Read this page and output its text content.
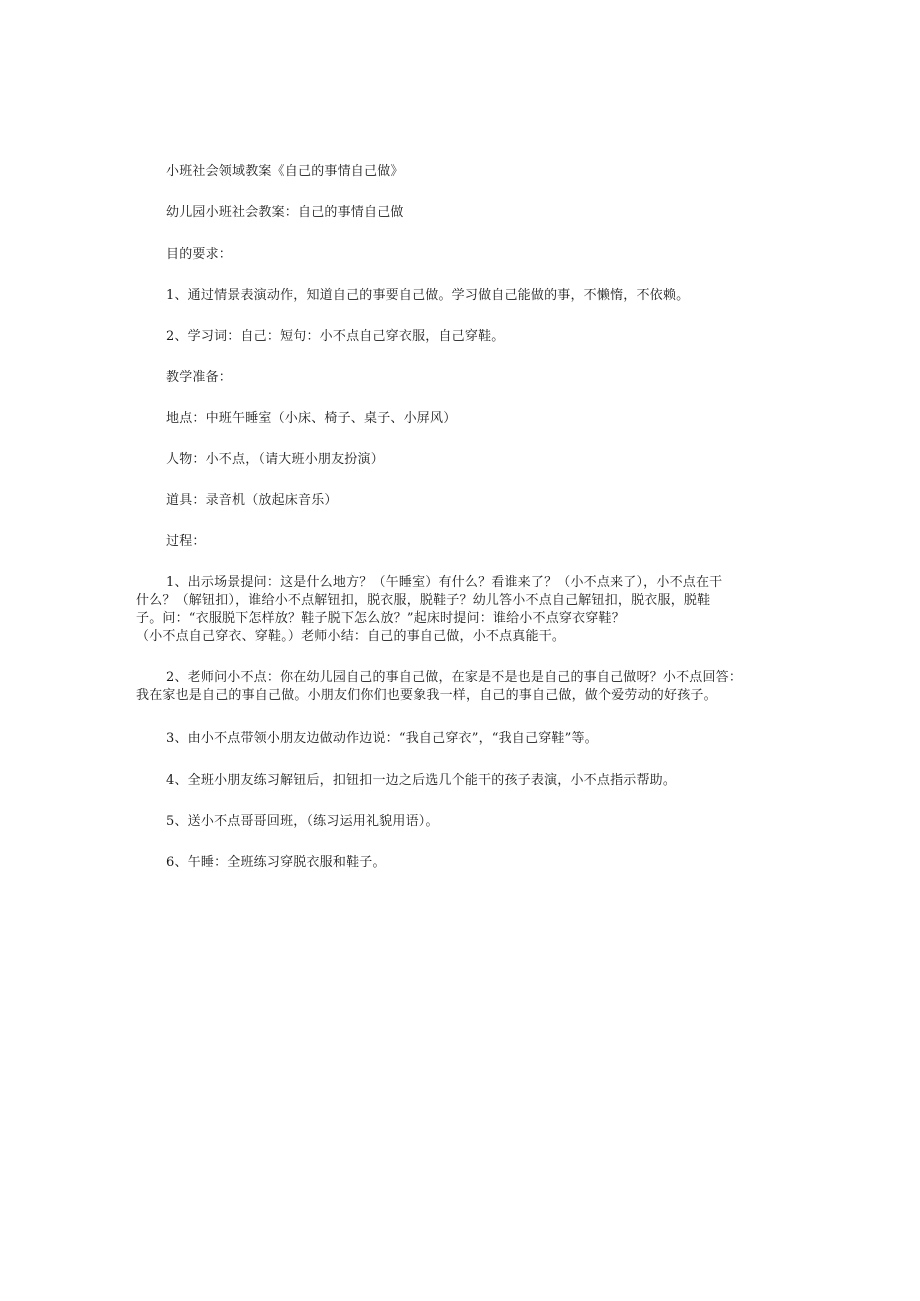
小班社会领域教案《自己的事情自己做》
幼儿园小班社会教案：自己的事情自己做
目的要求：
1、通过情景表演动作，知道自己的事要自己做。学习做自己能做的事，不懒惰，不依赖。
2、学习词：自己：短句：小不点自己穿衣服，自己穿鞋。
教学准备：
地点：中班午睡室（小床、椅子、桌子、小屏风）
人物：小不点，（请大班小朋友扮演）
道具：录音机（放起床音乐）
过程：
1、出示场景提问：这是什么地方？（午睡室）有什么？看谁来了？（小不点来了），小不点在干
什么？（解钮扣），谁给小不点解钮扣，脱衣服，脱鞋子？幼儿答小不点自己解钮扣，脱衣服，脱鞋
子。问：“衣服脱下怎样放？鞋子脱下怎么放？”起床时提问：谁给小不点穿衣穿鞋？
（小不点自己穿衣、穿鞋。）老师小结：自己的事自己做，小不点真能干。
2、老师问小不点：你在幼儿园自己的事自己做，在家是不是也是自己的事自己做呀？小不点回答：
我在家也是自己的事自己做。小朋友们你们也要象我一样，自己的事自己做，做个爱劳动的好孩子。
3、由小不点带领小朋友边做动作边说：“我自己穿衣”，“我自己穿鞋”等。
4、全班小朋友练习解钮后，扣钮扣一边之后选几个能干的孩子表演，小不点指示帮助。
5、送小不点哥哥回班，（练习运用礼貌用语）。
6、午睡：全班练习穿脱衣服和鞋子。
